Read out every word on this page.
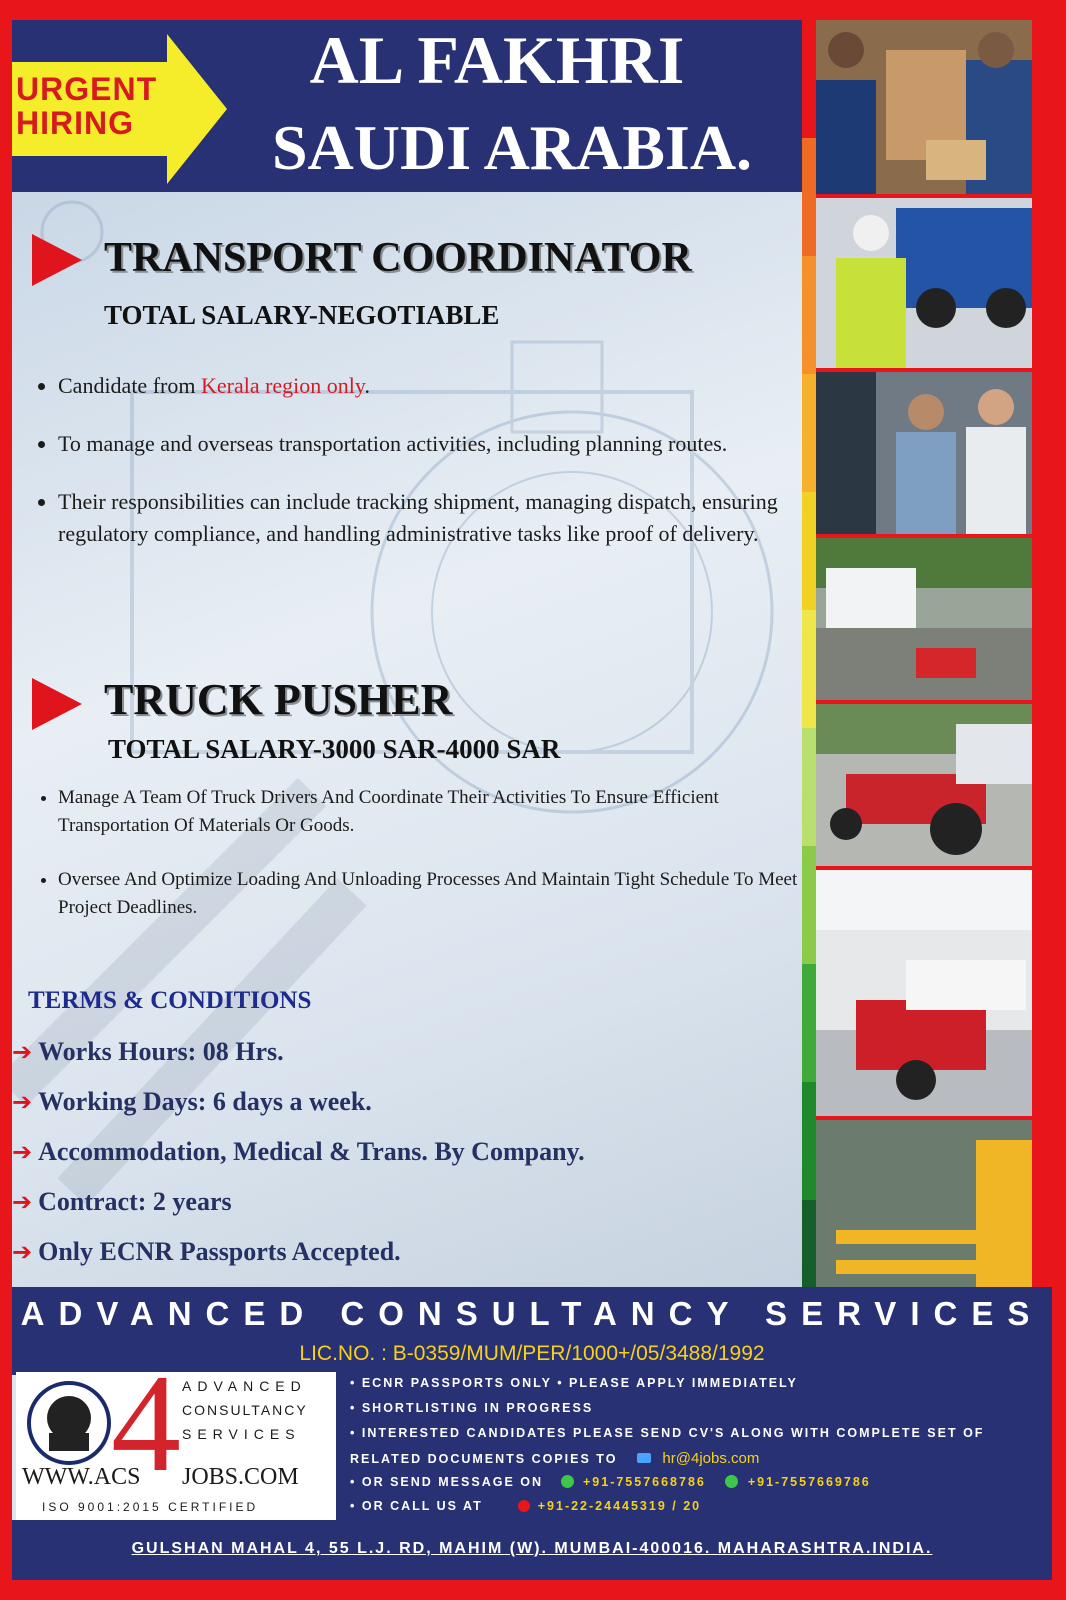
URGENT
HIRING
AL FAKHRI
SAUDI ARABIA.
TRANSPORT COORDINATOR
TOTAL SALARY-NEGOTIABLE
• Candidate from Kerala region only.
• To manage and overseas transportation activities, including planning routes.
• Their responsibilities can include tracking shipment, managing dispatch, ensuring regulatory compliance, and handling administrative tasks like proof of delivery.
TRUCK PUSHER
TOTAL SALARY-3000 SAR-4000 SAR
• Manage A Team Of Truck Drivers And Coordinate Their Activities To Ensure Efficient Transportation Of Materials Or Goods.
• Oversee And Optimize Loading And Unloading Processes And Maintain Tight Schedule To Meet Project Deadlines.
TERMS & CONDITIONS
➔ Works Hours: 08 Hrs.
➔ Working Days: 6 days a week.
➔ Accommodation, Medical & Trans. By Company.
➔ Contract: 2 years
➔ Only ECNR Passports Accepted.
ADVANCED CONSULTANCY SERVICES
LIC.NO. : B-0359/MUM/PER/1000+/05/3488/1992
4 ADVANCED
CONSULTANCY
SERVICES
WWW.ACS JOBS.COM
ISO 9001:2015 CERTIFIED
• ECNR PASSPORTS ONLY • PLEASE APPLY IMMEDIATELY
• SHORTLISTING IN PROGRESS
• INTERESTED CANDIDATES PLEASE SEND CV'S ALONG WITH COMPLETE SET OF
RELATED DOCUMENTS COPIES TO	hr@4jobs.com
• OR SEND MESSAGE ON	+91-7557668786	+91-7557669786
• OR CALL US AT	+91-22-24445319 / 20
GULSHAN MAHAL 4, 55 L.J. RD, MAHIM (W). MUMBAI-400016. MAHARASHTRA.INDIA.
